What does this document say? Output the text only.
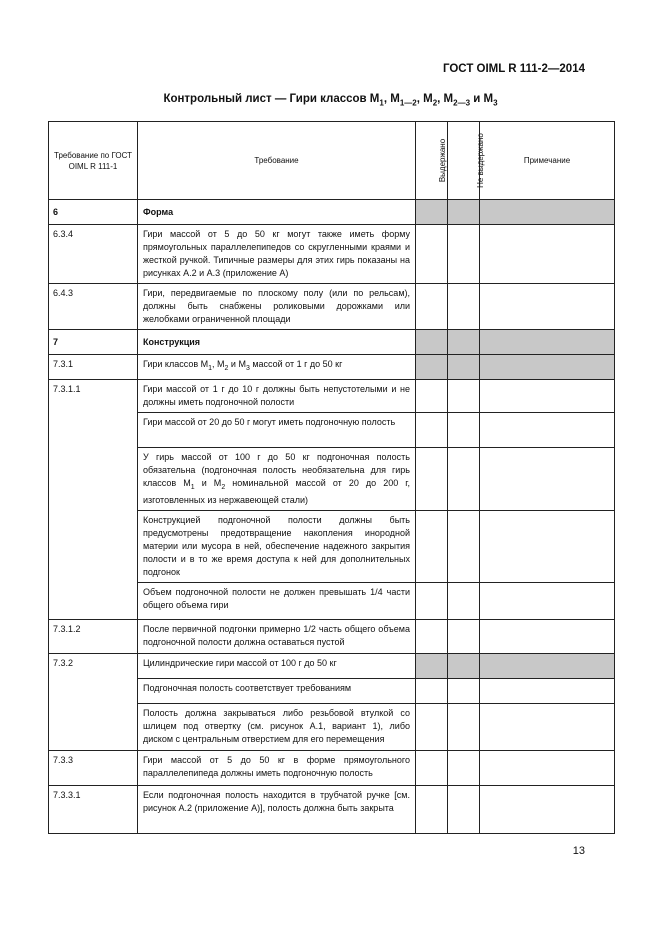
ГОСТ OIML R 111-2—2014
Контрольный лист — Гири классов $M_1$, $M_{1—2}$, $M_2$, $M_{2—3}$ и $M_3$
Требование по ГОСТ OIML R 111-1	Требование	Выдержано	Не выдержано	Примечание
6	Форма			
6.3.4	Гири массой от 5 до 50 кг могут также иметь форму прямоугольных параллелепипедов со скругленными краями и жесткой ручкой. Типичные размеры для этих гирь показаны на рисунках А.2 и А.3 (приложение А)			
6.4.3	Гири, передвигаемые по плоскому полу (или по рельсам), должны быть снабжены роликовыми дорожками или желобками ограниченной площади			
7	Конструкция			
7.3.1	Гири классов $M_1$, $M_2$ и $M_3$ массой от 1 г до 50 кг			
7.3.1.1	Гири массой от 1 г до 10 г должны быть непустотелыми и не должны иметь подгоночной полости			
	Гири массой от 20 до 50 г могут иметь подгоночную полость			
	У гирь массой от 100 г до 50 кг подгоночная полость обязательна (подгоночная полость необязательна для гирь классов $M_1$ и $M_2$ номинальной массой от 20 до 200 г, изготовленных из нержавеющей стали)			
	Конструкцией подгоночной полости должны быть предусмотрены предотвращение накопления инородной материи или мусора в ней, обеспечение надежного закрытия полости и в то же время доступа к ней для дополнительных подгонок			
	Объем подгоночной полости не должен превышать 1/4 части общего объема гири			
7.3.1.2	После первичной подгонки примерно 1/2 часть общего объема подгоночной полости должна оставаться пустой			
7.3.2	Цилиндрические гири массой от 100 г до 50 кг			
	Подгоночная полость соответствует требованиям			
	Полость должна закрываться либо резьбовой втулкой со шлицем под отвертку (см. рисунок А.1, вариант 1), либо диском с центральным отверстием для его перемещения			
7.3.3	Гири массой от 5 до 50 кг в форме прямоугольного параллелепипеда должны иметь подгоночную полость			
7.3.3.1	Если подгоночная полость находится в трубчатой ручке [см. рисунок А.2 (приложение А)], полость должна быть закрыта			
13
